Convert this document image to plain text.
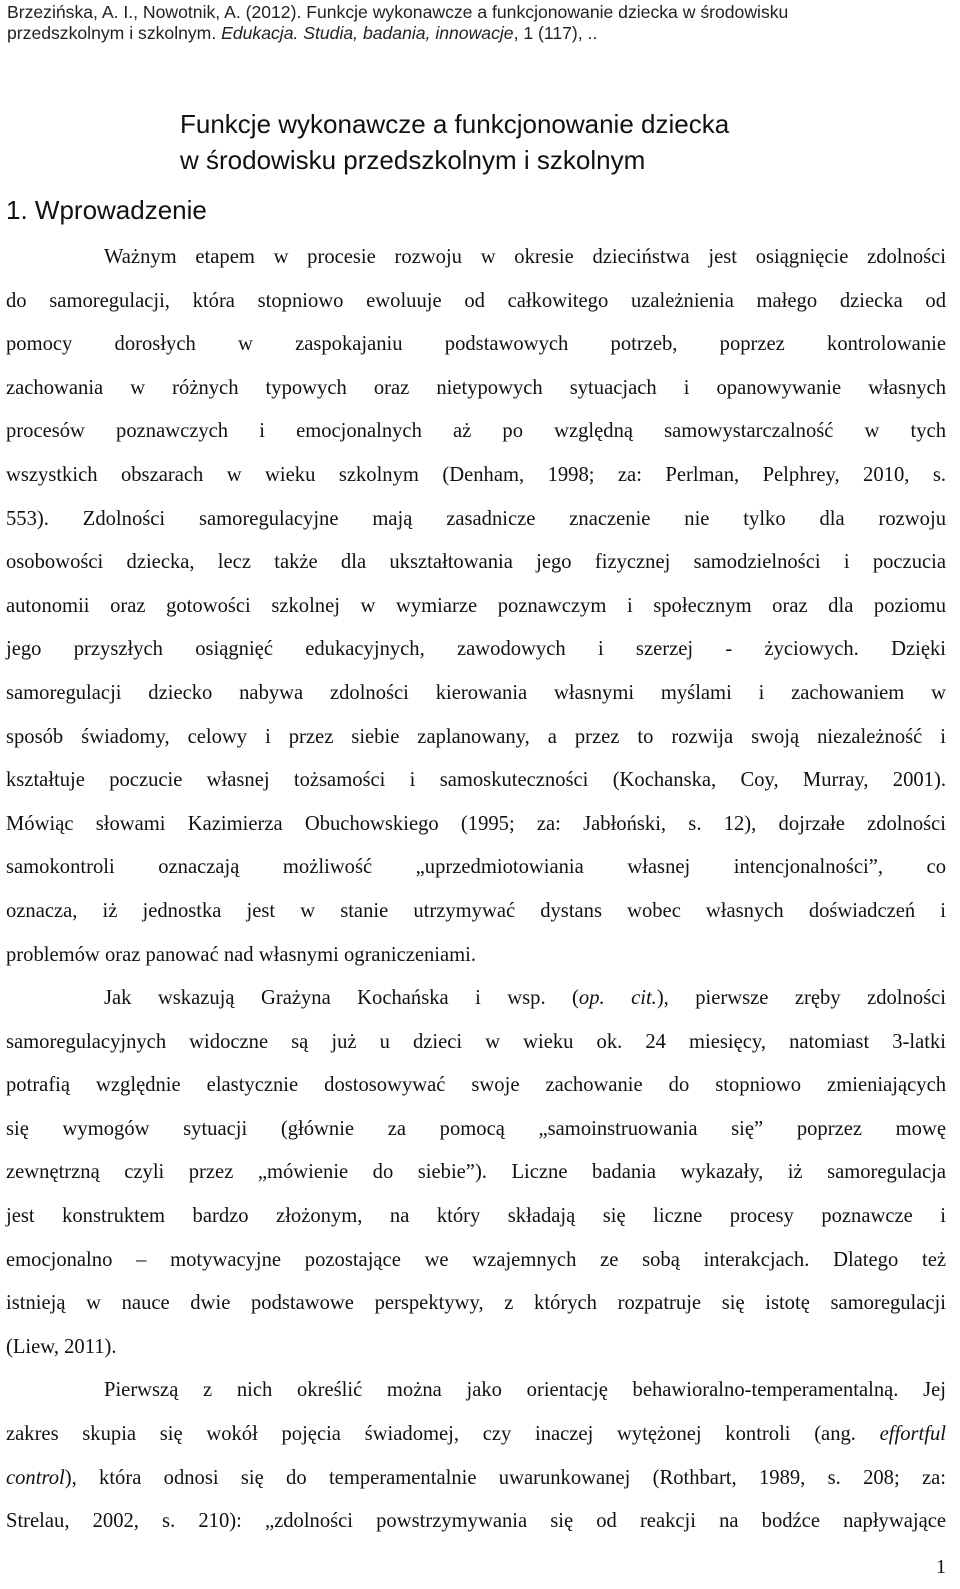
Brzezińska, A. I., Nowotnik, A. (2012). Funkcje wykonawcze a funkcjonowanie dziecka w środowisku
przedszkolnym i szkolnym. Edukacja. Studia, badania, innowacje, 1 (117), ..
Funkcje wykonawcze a funkcjonowanie dziecka
w środowisku przedszkolnym i szkolnym
1. Wprowadzenie
Ważnym etapem w procesie rozwoju w okresie dzieciństwa jest osiągnięcie zdolności
do samoregulacji, która stopniowo ewoluuje od całkowitego uzależnienia małego dziecka od
pomocy dorosłych w zaspokajaniu podstawowych potrzeb, poprzez kontrolowanie
zachowania w różnych typowych oraz nietypowych sytuacjach i opanowywanie własnych
procesów poznawczych i emocjonalnych aż po względną samowystarczalność w tych
wszystkich obszarach w wieku szkolnym (Denham, 1998; za: Perlman, Pelphrey, 2010, s.
553). Zdolności samoregulacyjne mają zasadnicze znaczenie nie tylko dla rozwoju
osobowości dziecka, lecz także dla ukształtowania jego fizycznej samodzielności i poczucia
autonomii oraz gotowości szkolnej w wymiarze poznawczym i społecznym oraz dla poziomu
jego przyszłych osiągnięć edukacyjnych, zawodowych i szerzej - życiowych. Dzięki
samoregulacji dziecko nabywa zdolności kierowania własnymi myślami i zachowaniem w
sposób świadomy, celowy i przez siebie zaplanowany, a przez to rozwija swoją niezależność i
kształtuje poczucie własnej tożsamości i samoskuteczności (Kochanska, Coy, Murray, 2001).
Mówiąc słowami Kazimierza Obuchowskiego (1995; za: Jabłoński, s. 12), dojrzałe zdolności
samokontroli oznaczają możliwość „uprzedmiotowiania własnej intencjonalności”, co
oznacza, iż jednostka jest w stanie utrzymywać dystans wobec własnych doświadczeń i
problemów oraz panować nad własnymi ograniczeniami.
Jak wskazują Grażyna Kochańska i wsp. (op. cit.), pierwsze zręby zdolności
samoregulacyjnych widoczne są już u dzieci w wieku ok. 24 miesięcy, natomiast 3-latki
potrafią względnie elastycznie dostosowywać swoje zachowanie do stopniowo zmieniających
się wymogów sytuacji (głównie za pomocą „samoinstruowania się” poprzez mowę
zewnętrzną czyli przez „mówienie do siebie”). Liczne badania wykazały, iż samoregulacja
jest konstruktem bardzo złożonym, na który składają się liczne procesy poznawcze i
emocjonalno – motywacyjne pozostające we wzajemnych ze sobą interakcjach. Dlatego też
istnieją w nauce dwie podstawowe perspektywy, z których rozpatruje się istotę samoregulacji
(Liew, 2011).
Pierwszą z nich określić można jako orientację behawioralno-temperamentalną. Jej
zakres skupia się wokół pojęcia świadomej, czy inaczej wytężonej kontroli (ang. effortful
control), która odnosi się do temperamentalnie uwarunkowanej (Rothbart, 1989, s. 208; za:
Strelau, 2002, s. 210): „zdolności powstrzymywania się od reakcji na bodźce napływające
1
